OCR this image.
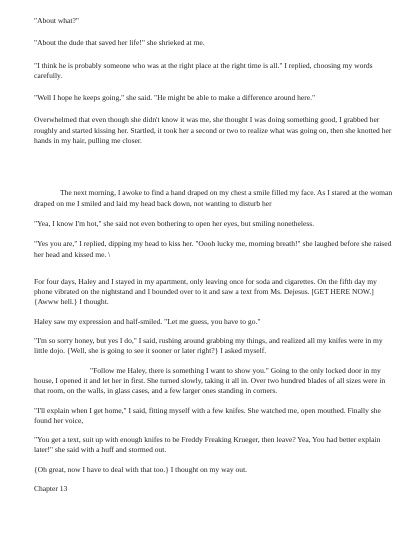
"About what?"

"About the dude that saved her life!" she shrieked at me.

"I think he is probably someone who was at the right place at the right time is all." I replied, choosing my words carefully.

"Well I hope he keeps going," she said. "He might be able to make a difference around here."

Overwhelmed that even though she didn't know it was me, she thought I was doing something good, I grabbed her roughly and started kissing her. Startled, it took her a second or two to realize what was going on, then she knotted her hands in my hair, pulling me closer.

The next morning, I awoke to find a hand draped on my chest a smile filled my face. As I stared at the woman draped on me I smiled and laid my head back down, not wanting to disturb her

"Yea, I know I'm hot," she said not even bothering to open her eyes, but smiling nonetheless.

"Yes you are," I replied, dipping my head to kiss her. "Oooh lucky me, morning breath!" she laughed before she raised her head and kissed me. \

For four days, Haley and I stayed in my apartment, only leaving once for soda and cigarettes. On the fifth day my phone vibrated on the nightstand and I bounded over to it and saw a text from Ms. Dejesus. [GET HERE NOW.] {Awww hell.} I thought.

Haley saw my expression and half-smiled. "Let me guess, you have to go."

"I'm so sorry honey, but yes I do," I said, rushing around grabbing my things, and realized all my knifes were in my little dojo. {Well, she is going to see it sooner or later right?} I asked myself.

"Follow me Haley, there is something I want to show you." Going to the only locked door in my house, I opened it and let her in first. She turned slowly, taking it all in. Over two hundred blades of all sizes were in that room, on the walls, in glass cases, and a few larger ones standing in corners.

"I'll explain when I get home," I said, fitting myself with a few knifes. She watched me, open mouthed. Finally she found her voice,

"You get a text, suit up with enough knifes to be Freddy Freaking Krueger, then leave? Yea, You had better explain later!" she said with a huff and stormed out.

{Oh great, now I have to deal with that too.} I thought on my way out.

Chapter 13
